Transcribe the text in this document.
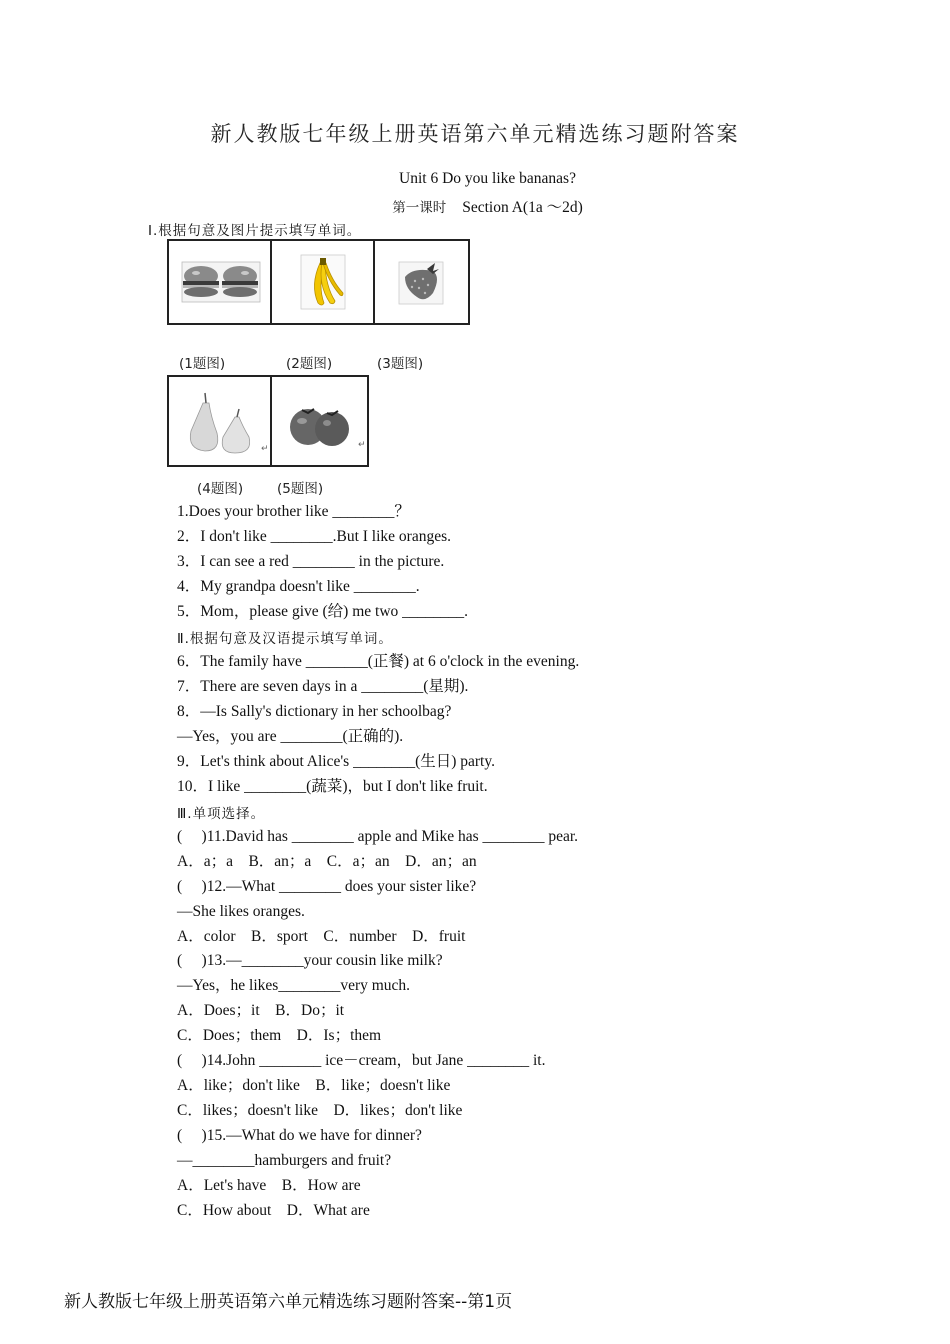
新人教版七年级上册英语第六单元精选练习题附答案
Unit 6 Do you like bananas?
第一课时 Section A(1a ～2d)
Ⅰ.根据句意及图片提示填写单词。
(1题图)	(2题图)	(3题图)
↵	↵
(4题图)	(5题图)
1.Does your brother like ________？
2．I don't like ________.But I like oranges.
3．I can see a red ________ in the picture.
4．My grandpa doesn't like ________.
5．Mom，please give (给) me two ________.
Ⅱ.根据句意及汉语提示填写单词。
6．The family have ________(正餐) at 6 o'clock in the evening.
7．There are seven days in a ________(星期).
8．—Is Sally's dictionary in her schoolbag?
—Yes，you are ________(正确的).
9．Let's think about Alice's ________(生日) party.
10．I like ________(蔬菜)，but I don't like fruit.
Ⅲ.单项选择。
(　 )11.David has ________ apple and Mike has ________ pear.
A．a；a　B．an；a　C．a；an　D．an；an
(　 )12.—What ________ does your sister like?
—She likes oranges.
A．color　B．sport　C．number　D．fruit
(　 )13.—________your cousin like milk?
—Yes，he likes________very much.
A．Does；it　B．Do；it
C．Does；them　D．Is；them
(　 )14.John ________ ice－cream，but Jane ________ it.
A．like；don't like　B．like；doesn't like
C．likes；doesn't like　D．likes；don't like
(　 )15.—What do we have for dinner?
—________hamburgers and fruit?
A．Let's have　B．How are
C．How about　D．What are
新人教版七年级上册英语第六单元精选练习题附答案--第1页
